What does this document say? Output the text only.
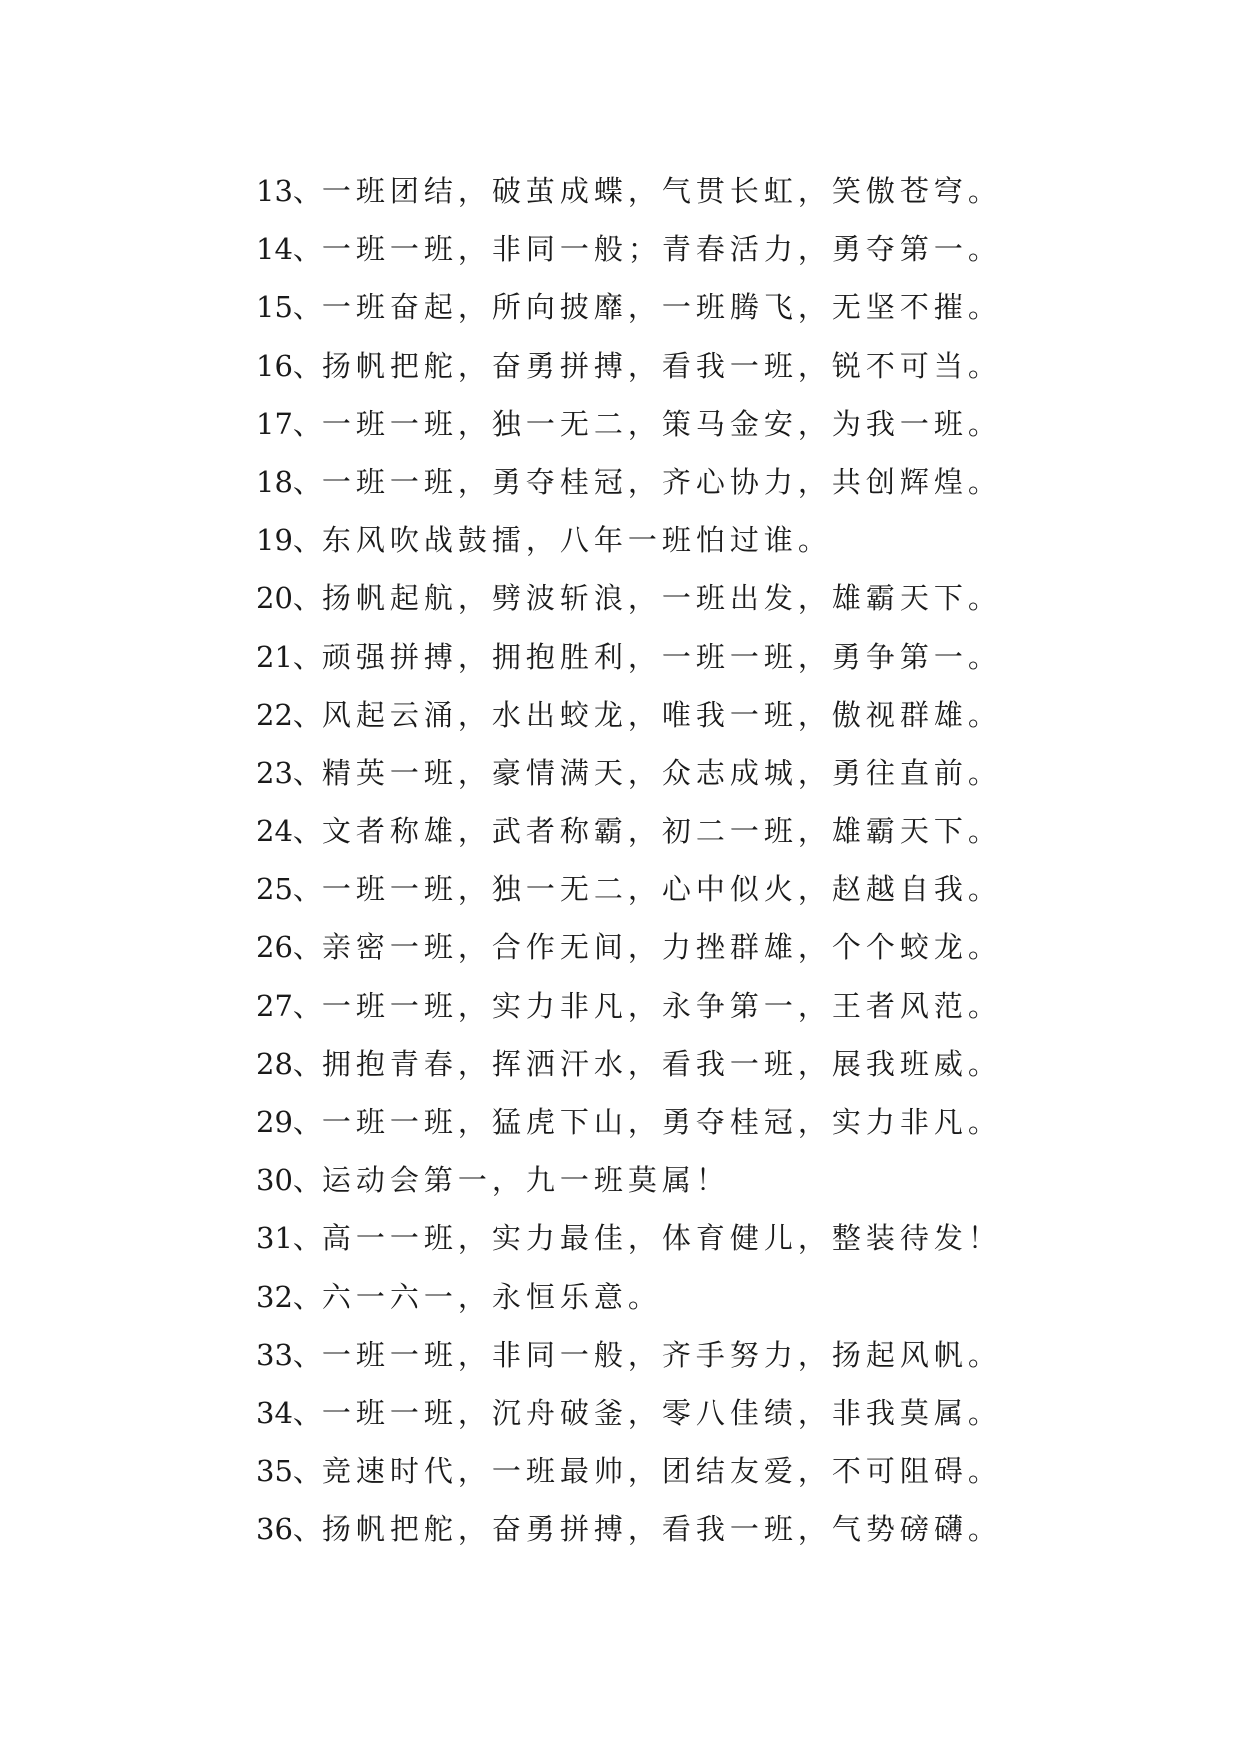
13、一班团结，破茧成蝶，气贯长虹，笑傲苍穹。
14、一班一班，非同一般；青春活力，勇夺第一。
15、一班奋起，所向披靡，一班腾飞，无坚不摧。
16、扬帆把舵，奋勇拼搏，看我一班，锐不可当。
17、一班一班，独一无二，策马金安，为我一班。
18、一班一班，勇夺桂冠，齐心协力，共创辉煌。
19、东风吹战鼓擂，八年一班怕过谁。
20、扬帆起航，劈波斩浪，一班出发，雄霸天下。
21、顽强拼搏，拥抱胜利，一班一班，勇争第一。
22、风起云涌，水出蛟龙，唯我一班，傲视群雄。
23、精英一班，豪情满天，众志成城，勇往直前。
24、文者称雄，武者称霸，初二一班，雄霸天下。
25、一班一班，独一无二，心中似火，赵越自我。
26、亲密一班，合作无间，力挫群雄，个个蛟龙。
27、一班一班，实力非凡，永争第一，王者风范。
28、拥抱青春，挥洒汗水，看我一班，展我班威。
29、一班一班，猛虎下山，勇夺桂冠，实力非凡。
30、运动会第一，九一班莫属！
31、高一一班，实力最佳，体育健儿，整装待发！
32、六一六一，永恒乐意。
33、一班一班，非同一般，齐手努力，扬起风帆。
34、一班一班，沉舟破釜，零八佳绩，非我莫属。
35、竞速时代，一班最帅，团结友爱，不可阻碍。
36、扬帆把舵，奋勇拼搏，看我一班，气势磅礴。
